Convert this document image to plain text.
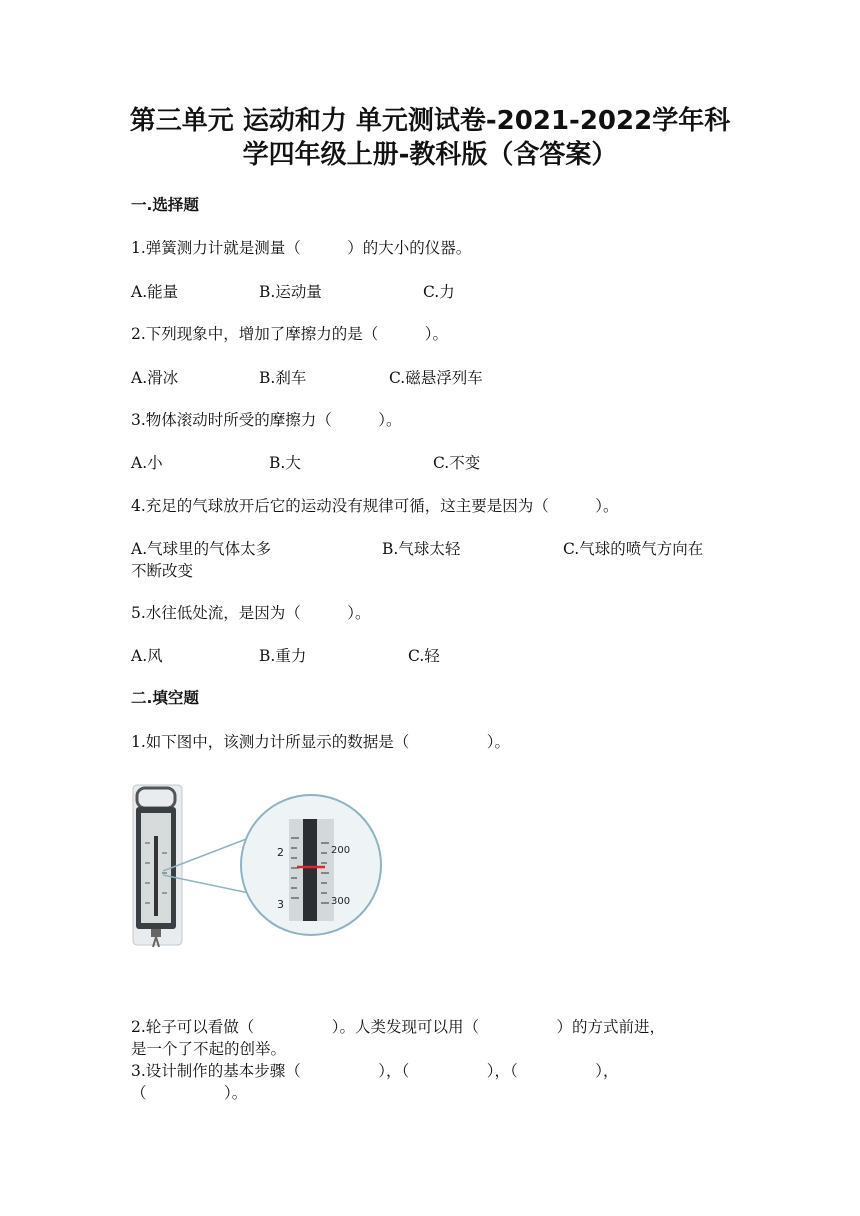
第三单元 运动和力 单元测试卷-2021-2022学年科
学四年级上册-教科版（含答案）
一.选择题
1.弹簧测力计就是测量（　　　）的大小的仪器。
A.能量	B.运动量	C.力
2.下列现象中，增加了摩擦力的是（　　　）。
A.滑冰	B.刹车	C.磁悬浮列车
3.物体滚动时所受的摩擦力（　　　）。
A.小	B.大	C.不变
4.充足的气球放开后它的运动没有规律可循，这主要是因为（　　　）。
A.气球里的气体太多	B.气球太轻	C.气球的喷气方向在
不断改变
5.水往低处流，是因为（　　　）。
A.风	B.重力	C.轻
二.填空题
1.如下图中，该测力计所显示的数据是（　　　　　）。
2
3
200
300
2.轮子可以看做（　　　　　）。人类发现可以用（　　　　　）的方式前进，
是一个了不起的创举。
3.设计制作的基本步骤（　　　　　），（　　　　　），（　　　　　），
（　　　　　）。
